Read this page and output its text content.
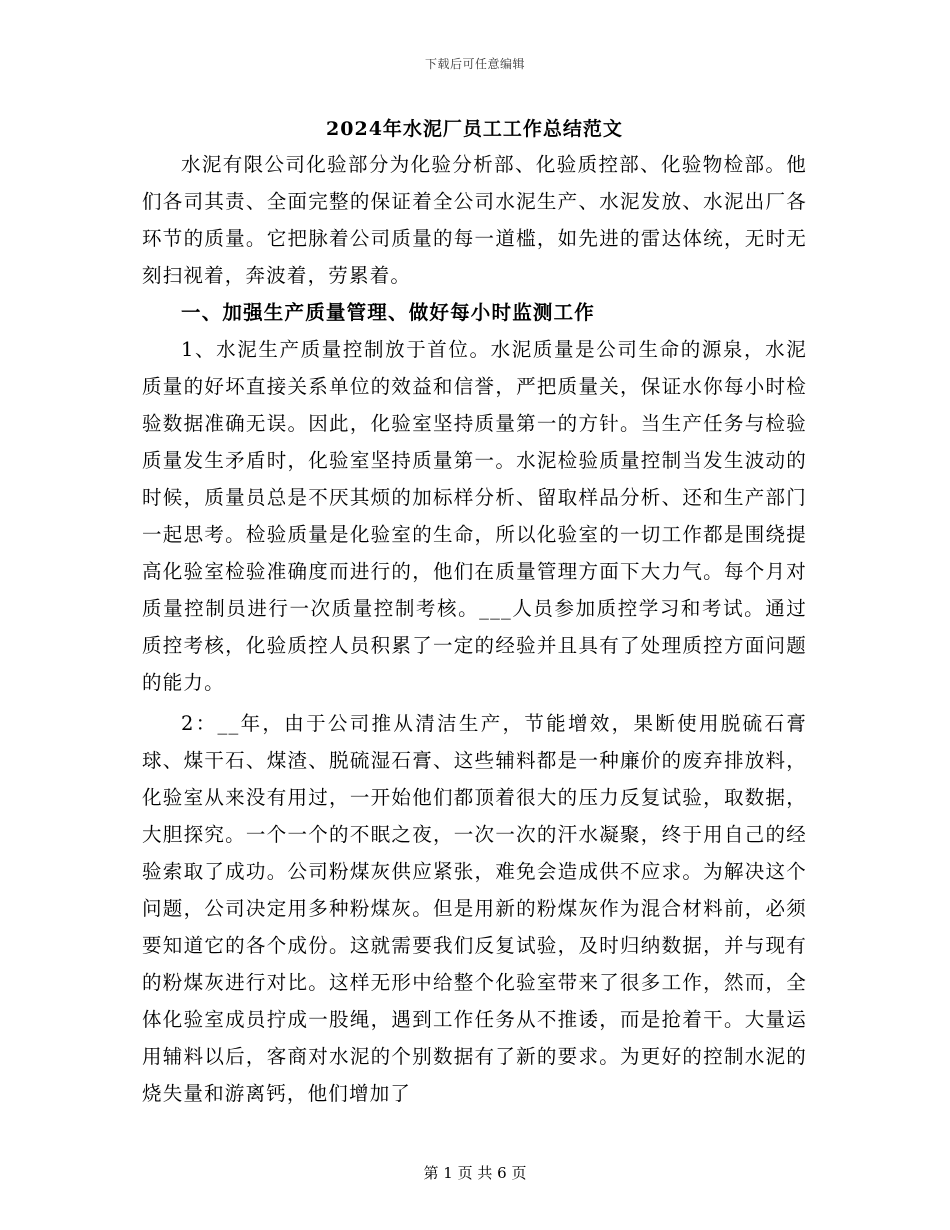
下载后可任意编辑
2024年水泥厂员工工作总结范文

水泥有限公司化验部分为化验分析部、化验质控部、化验物检部。他们各司其责、全面完整的保证着全公司水泥生产、水泥发放、水泥出厂各环节的质量。它把脉着公司质量的每一道槛，如先进的雷达体统，无时无刻扫视着，奔波着，劳累着。

一、加强生产质量管理、做好每小时监测工作

1、水泥生产质量控制放于首位。水泥质量是公司生命的源泉，水泥质量的好坏直接关系单位的效益和信誉，严把质量关，保证水你每小时检验数据准确无误。因此，化验室坚持质量第一的方针。当生产任务与检验质量发生矛盾时，化验室坚持质量第一。水泥检验质量控制当发生波动的时候，质量员总是不厌其烦的加标样分析、留取样品分析、还和生产部门一起思考。检验质量是化验室的生命，所以化验室的一切工作都是围绕提高化验室检验准确度而进行的，他们在质量管理方面下大力气。每个月对质量控制员进行一次质量控制考核。___人员参加质控学习和考试。通过质控考核，化验质控人员积累了一定的经验并且具有了处理质控方面问题的能力。

2：__年，由于公司推从清洁生产，节能增效，果断使用脱硫石膏球、煤干石、煤渣、脱硫湿石膏、这些辅料都是一种廉价的废弃排放料，化验室从来没有用过，一开始他们都顶着很大的压力反复试验，取数据，大胆探究。一个一个的不眠之夜，一次一次的汗水凝聚，终于用自己的经验索取了成功。公司粉煤灰供应紧张，难免会造成供不应求。为解决这个问题，公司决定用多种粉煤灰。但是用新的粉煤灰作为混合材料前，必须要知道它的各个成份。这就需要我们反复试验，及时归纳数据，并与现有的粉煤灰进行对比。这样无形中给整个化验室带来了很多工作，然而，全体化验室成员拧成一股绳，遇到工作任务从不推诿，而是抢着干。大量运用辅料以后，客商对水泥的个别数据有了新的要求。为更好的控制水泥的烧失量和游离钙，他们增加了

第 1 页 共 6 页
